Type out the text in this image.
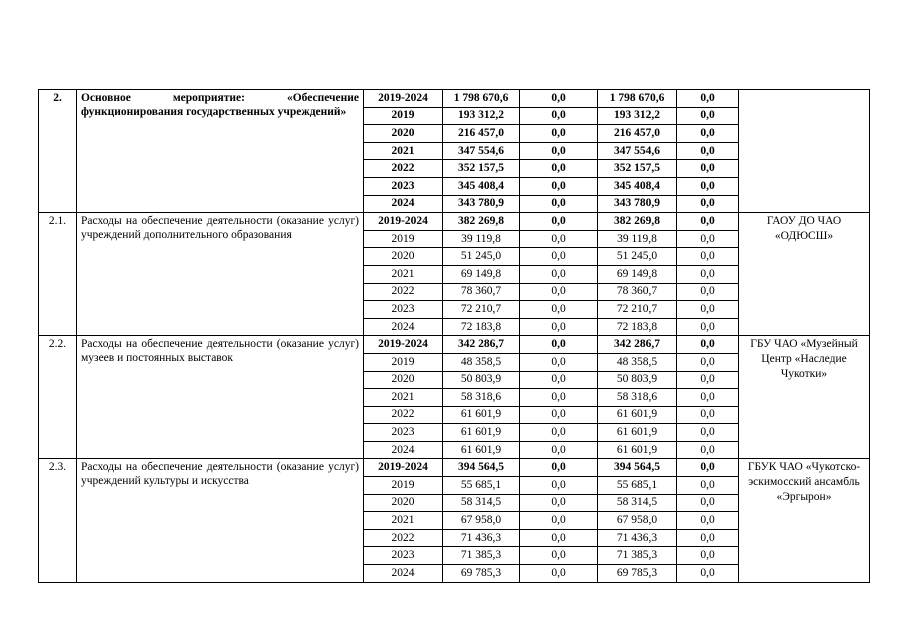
2.	Основное мероприятие: «Обеспечение функционирования государственных учреждений»	2019-2024	1 798 670,6	0,0	1 798 670,6	0,0	
		2019	193 312,2	0,0	193 312,2	0,0	
		2020	216 457,0	0,0	216 457,0	0,0	
		2021	347 554,6	0,0	347 554,6	0,0	
		2022	352 157,5	0,0	352 157,5	0,0	
		2023	345 408,4	0,0	345 408,4	0,0	
		2024	343 780,9	0,0	343 780,9	0,0	
2.1.	Расходы на обеспечение деятельности (оказание услуг) учреждений дополнительного образования	2019-2024	382 269,8	0,0	382 269,8	0,0	ГАОУ ДО ЧАО «ОДЮСШ»
		2019	39 119,8	0,0	39 119,8	0,0	
		2020	51 245,0	0,0	51 245,0	0,0	
		2021	69 149,8	0,0	69 149,8	0,0	
		2022	78 360,7	0,0	78 360,7	0,0	
		2023	72 210,7	0,0	72 210,7	0,0	
		2024	72 183,8	0,0	72 183,8	0,0	
2.2.	Расходы на обеспечение деятельности (оказание услуг) музеев и постоянных выставок	2019-2024	342 286,7	0,0	342 286,7	0,0	ГБУ ЧАО «Музейный Центр «Наследие Чукотки»
		2019	48 358,5	0,0	48 358,5	0,0	
		2020	50 803,9	0,0	50 803,9	0,0	
		2021	58 318,6	0,0	58 318,6	0,0	
		2022	61 601,9	0,0	61 601,9	0,0	
		2023	61 601,9	0,0	61 601,9	0,0	
		2024	61 601,9	0,0	61 601,9	0,0	
2.3.	Расходы на обеспечение деятельности (оказание услуг) учреждений культуры и искусства	2019-2024	394 564,5	0,0	394 564,5	0,0	ГБУК ЧАО «Чукотско-эскимосский ансамбль «Эргырон»
		2019	55 685,1	0,0	55 685,1	0,0	
		2020	58 314,5	0,0	58 314,5	0,0	
		2021	67 958,0	0,0	67 958,0	0,0	
		2022	71 436,3	0,0	71 436,3	0,0	
		2023	71 385,3	0,0	71 385,3	0,0	
		2024	69 785,3	0,0	69 785,3	0,0	
